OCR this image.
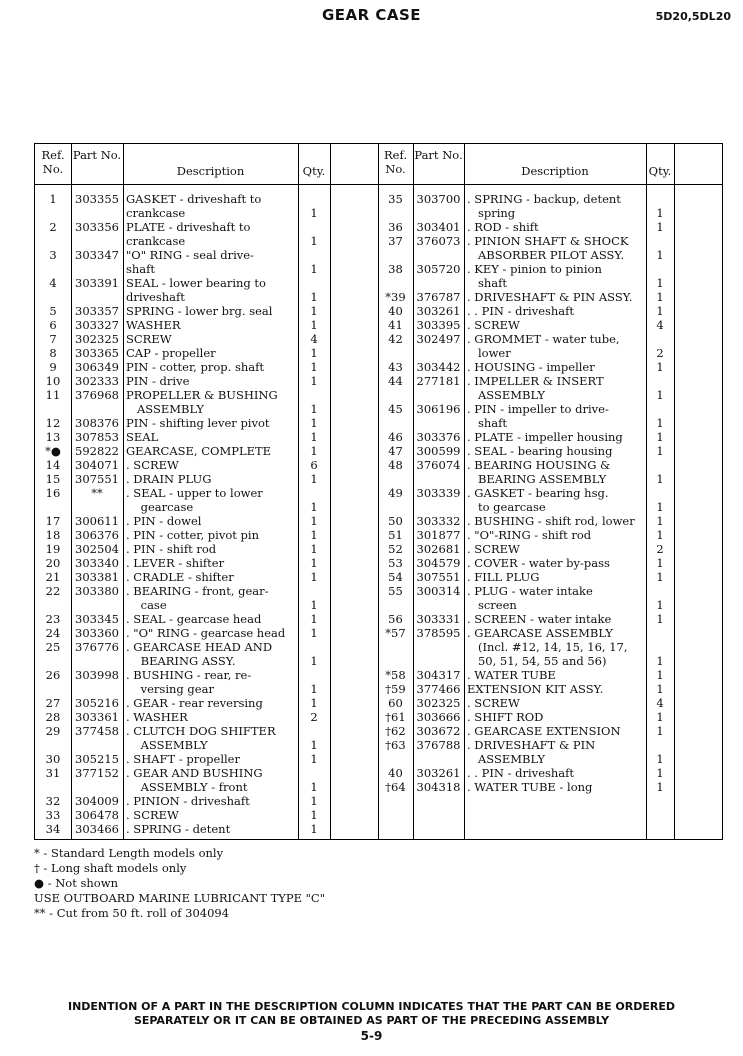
GEAR CASE	5D20,5DL20
Ref. No.
Part No.
Description	Qty.
Ref. No.
Part No.
Description	Qty.
1	303355 GASKET - driveshaft to
crankcase	1
2	303356 PLATE - driveshaft to
crankcase	1
3	303347 "O" RING - seal drive-
shaft	1
4	303391 SEAL - lower bearing to
driveshaft	1
5	303357 SPRING - lower brg. seal	1
6	303327 WASHER	1
7	302325 SCREW	4
8	303365 CAP - propeller	1
9	306349 PIN - cotter, prop. shaft	1
10	302333 PIN - drive	1
11	376968 PROPELLER & BUSHING
ASSEMBLY	1
12	308376 PIN - shifting lever pivot	1
13	307853 SEAL	1
*●	592822 GEARCASE, COMPLETE	1
14	304071 . SCREW	6
15	307551 . DRAIN PLUG	1
16	**	. SEAL - upper to lower
gearcase	1
17	300611 . PIN - dowel	1
18	306376 . PIN - cotter, pivot pin	1
19	302504 . PIN - shift rod	1
20	303340 . LEVER - shifter	1
21	303381 . CRADLE - shifter	1
22	303380 . BEARING - front, gear-
case	1
23	303345 . SEAL - gearcase head	1
24	303360 . "O" RING - gearcase head	1
25	376776 . GEARCASE HEAD AND
BEARING ASSY.	1
26	303998 . BUSHING - rear, re-
versing gear	1
27	305216 . GEAR - rear reversing	1
28	303361 . WASHER	2
29	377458 . CLUTCH DOG SHIFTER
ASSEMBLY	1
30	305215 . SHAFT - propeller	1
31	377152 . GEAR AND BUSHING
ASSEMBLY - front	1
32	304009 . PINION - driveshaft	1
33	306478 . SCREW	1
34	303466 . SPRING - detent	1
35	303700 . SPRING - backup, detent
spring	1
36	303401 . ROD - shift	1
37	376073 . PINION SHAFT & SHOCK
ABSORBER PILOT ASSY.	1
38	305720 . KEY - pinion to pinion
shaft	1
*39 376787 . DRIVESHAFT & PIN ASSY.	1
40	303261 . . PIN - driveshaft	1
41	303395 . SCREW	4
42	302497 . GROMMET - water tube,
lower	2
43	303442 . HOUSING - impeller	1
44	277181 . IMPELLER & INSERT
ASSEMBLY	1
45	306196 . PIN - impeller to drive-
shaft	1
46	303376 . PLATE - impeller housing	1
47	300599 . SEAL - bearing housing	1
48	376074 . BEARING HOUSING &
BEARING ASSEMBLY	1
49	303339 . GASKET - bearing hsg.
to gearcase	1
50	303332 . BUSHING - shift rod, lower	1
51	301877 . "O"-RING - shift rod	1
52	302681 . SCREW	2
53	304579 . COVER - water by-pass	1
54	307551 . FILL PLUG	1
55	300314 . PLUG - water intake
screen	1
56	303331 . SCREEN - water intake	1
*57 378595 . GEARCASE ASSEMBLY
(Incl. #12, 14, 15, 16, 17,
50, 51, 54, 55 and 56)	1
*58 304317 . WATER TUBE	1
†59 377466 EXTENSION KIT ASSY.	1
60	302325 . SCREW	4
†61 303666 . SHIFT ROD	1
†62 303672 . GEARCASE EXTENSION	1
†63 376788 . DRIVESHAFT & PIN
ASSEMBLY	1
40	303261 . . PIN - driveshaft	1
†64 304318 . WATER TUBE - long	1
* - Standard Length models only
† - Long shaft models only
● - Not shown
USE OUTBOARD MARINE LUBRICANT TYPE "C"
** - Cut from 50 ft. roll of 304094
INDENTION OF A PART IN THE DESCRIPTION COLUMN INDICATES THAT THE PART CAN BE ORDERED
SEPARATELY OR IT CAN BE OBTAINED AS PART OF THE PRECEDING ASSEMBLY
5-9
